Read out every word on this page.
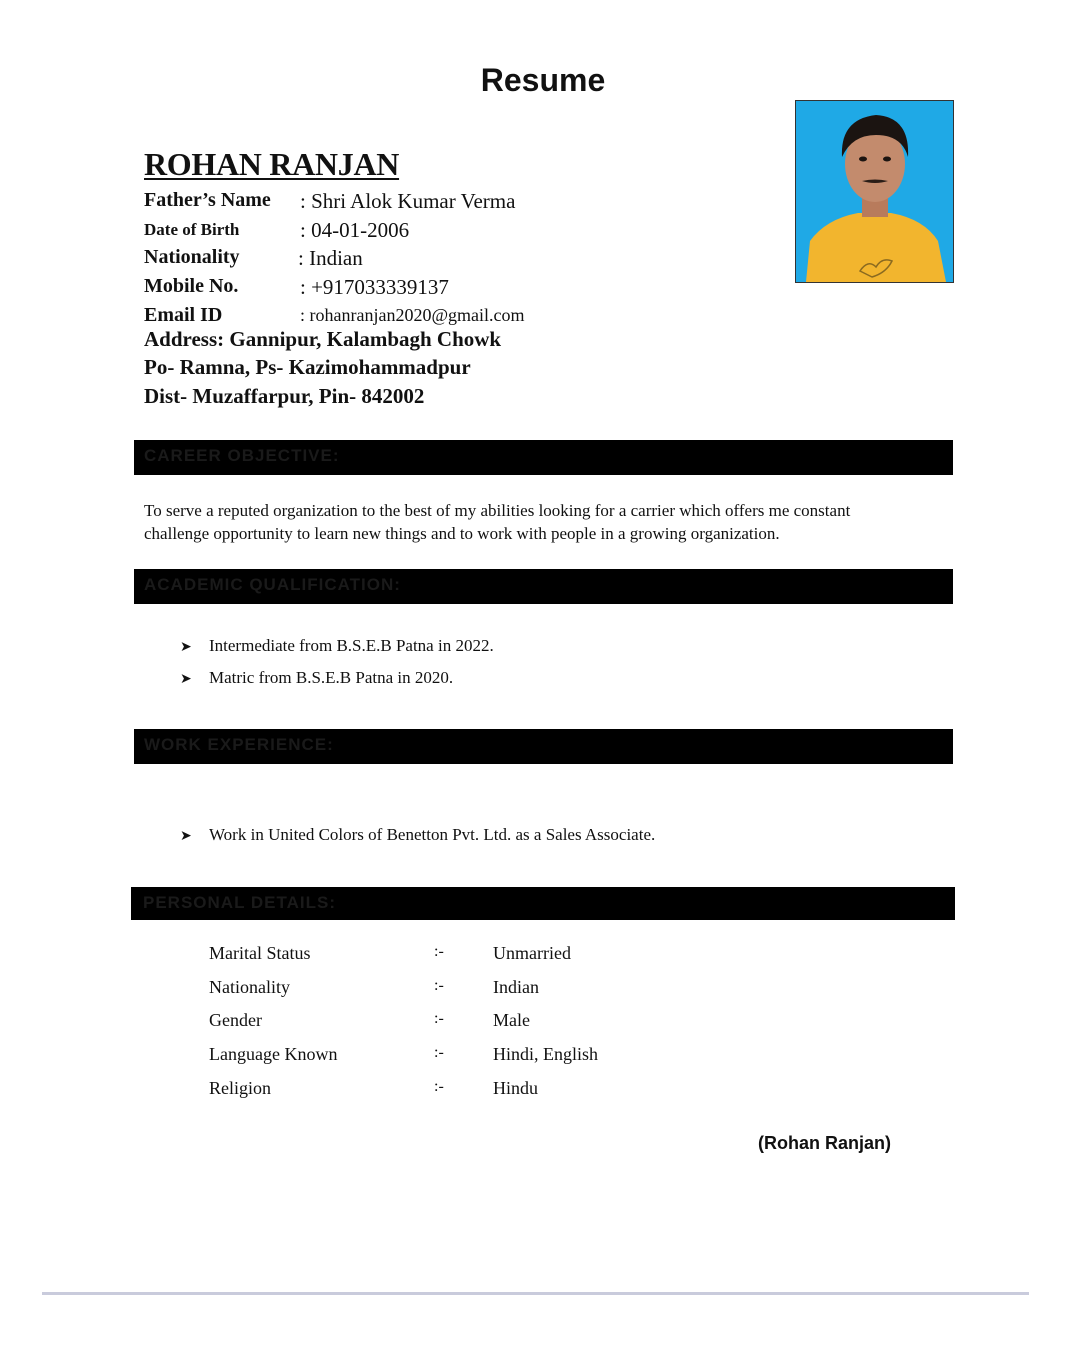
Resume
ROHAN RANJAN
Father’s Name : Shri Alok Kumar Verma
Date of Birth	: 04-01-2006
Nationality	: Indian
Mobile No.	: +917033339137
Email ID	: rohanranjan2020@gmail.com
Address: Gannipur, Kalambagh Chowk
Po- Ramna, Ps- Kazimohammadpur
Dist- Muzaffarpur, Pin- 842002
CAREER OBJECTIVE:
To serve a reputed organization to the best of my abilities looking for a carrier which offers me constant
challenge opportunity to learn new things and to work with people in a growing organization.
ACADEMIC QUALIFICATION:
➤ Intermediate from B.S.E.B Patna in 2022.
➤ Matric from B.S.E.B Patna in 2020.
WORK EXPERIENCE:
➤ Work in United Colors of Benetton Pvt. Ltd. as a Sales Associate.
PERSONAL DETAILS:
Marital Status	:-	Unmarried
Nationality	:-	Indian
Gender	:-	Male
Language Known	:-	Hindi, English
Religion	:-	Hindu
(Rohan Ranjan)
